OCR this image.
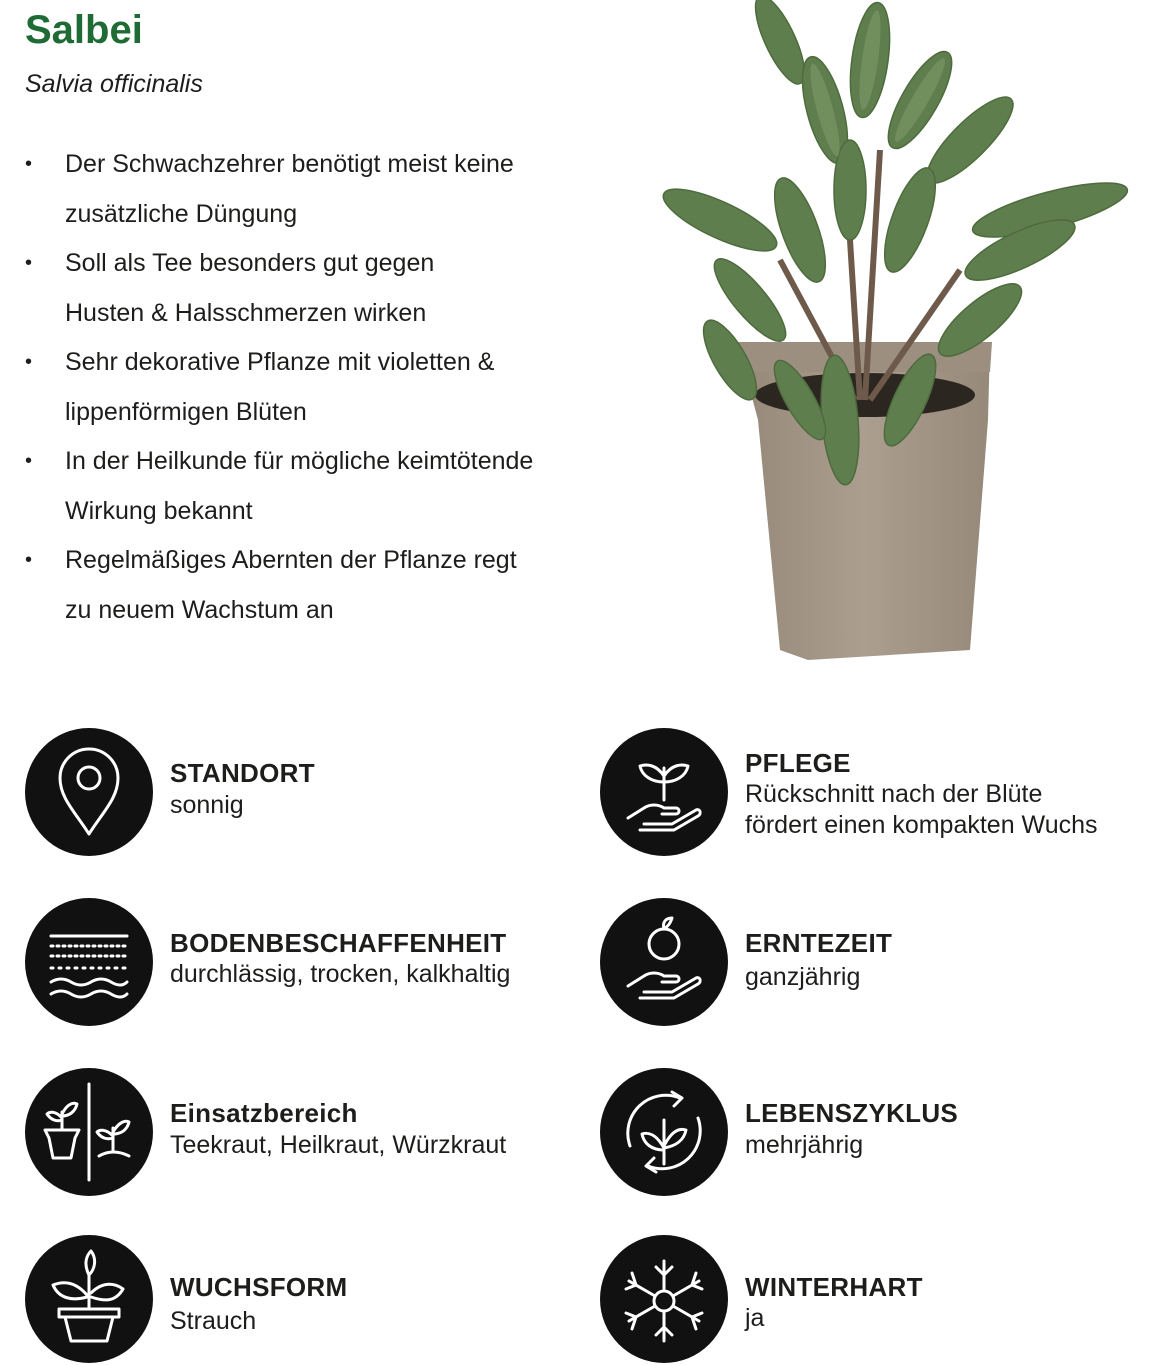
Salbei
Salvia officinalis
• Der Schwachzehrer benötigt meist keine
zusätzliche Düngung
• Soll als Tee besonders gut gegen
Husten & Halsschmerzen wirken
• Sehr dekorative Pflanze mit violetten &
lippenförmigen Blüten
• In der Heilkunde für mögliche keimtötende
Wirkung bekannt
• Regelmäßiges Abernten der Pflanze regt
zu neuem Wachstum an
STANDORT
sonnig
PFLEGE
Rückschnitt nach der Blüte
fördert einen kompakten Wuchs
BODENBESCHAFFENHEIT
durchlässig, trocken, kalkhaltig
ERNTEZEIT
ganzjährig
Einsatzbereich
Teekraut, Heilkraut, Würzkraut
LEBENSZYKLUS
mehrjährig
WUCHSFORM
Strauch
WINTERHART
ja
